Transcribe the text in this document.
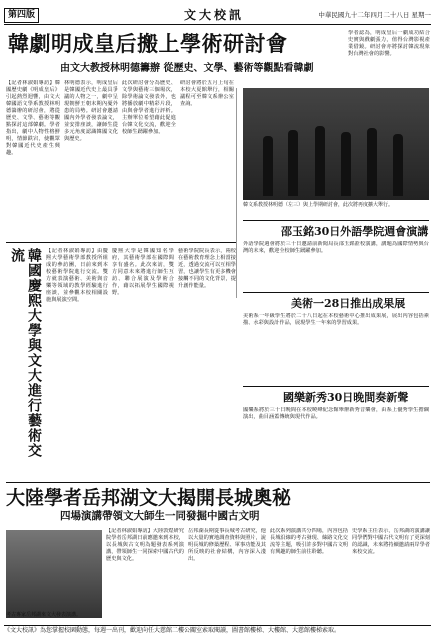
第四版	文大校訊	中華民國九十二年四月二十八日 星期一
韓劇明成皇后搬上學術研討會
由文大教授林明德籌辦 從歷史、文學、藝術等觀點看韓劇

【記者林淑娟專訪】韓國歷史劇《明成皇后》引起熱烈迴響，由文大韓國語文學系教授林明德籌辦的研討會，將從歷史、文學、藝術等觀點探討這部韓劇。學者指出，劇中人物性格鮮明，情節跌宕，使觀眾對韓國近代史產生興趣。

林明德表示，明成皇后是韓國近代史上最具爭議的人物之一，劇中呈現朝鮮王朝末期內憂外患的局勢。研討會邀請國內外學者發表論文，並安排座談，讓師生從多元角度認識韓國文化與歷史。

此次研討會分為歷史、文學與藝術三個場次，除學術論文發表外，也將播放劇中精彩片段，由與會學者進行評析。主辦單位希望藉此促進台韓文化交流，歡迎全校師生踴躍參加。

研討會將於五月上旬在本校大夏館舉行，相關議程可至韓文系辦公室查詢。

學者認為，明成皇后一劇成功結合史實與戲劇張力，值得台灣影視產業借鏡。研討會亦將探討韓流現象對台灣社會的影響。

韓文系教授林明德（左三）與上學期研討會，此次將再度擴大舉行。
韓國慶熙大學與文大進行藝術交流	【記者林淑娟專訪】由慶熙大學藝術學部教授所組成的參訪團，日前來到本校藝術學院進行交流。雙方就表演藝術、美術與音樂等領域的教學經驗進行座談，並參觀本校相關設施與展演空間。

慶熙大學是韓國知名學府，其藝術學部在國際間享有盛名。此次來訪，雙方同意未來將進行師生互訪、聯合展演及學術合作，藉以拓展學生國際視野。

藝術學院院長表示，兩校在藝術教育理念上相當接近，透過交流可以互相學習，也讓學生有更多機會接觸不同的文化背景，提升創作能量。

邵玉銘30日外語學院週會演講

外語學院週會將於三十日邀請前新聞局長邵玉銘蒞校演講，講題為國際情勢與台灣的未來，歡迎全校師生踴躍參加。

美術一28日推出成果展

美術系一年級學生將於二十八日起在本校藝術中心推出成果展，展出內容包括素描、水彩與設計作品，展現學生一年來的學習成果。

國樂新秀30日晚間奏新聲

國樂系將於三十日晚間在本校曉峰紀念館舉辦新秀音樂會，由系上優秀學生擔綱演出，曲目涵蓋傳統與現代作品。

大陸學者岳邦湖文大揭開長城奧秘
四場演講帶領文大師生一同發掘中國古文明
考古專家岳邦湖來文大發表演講。

【記者林淑娟專訪】大陸敦煌研究院學者岳邦湖日前應邀來到本校，以長城與古文明為題發表系列演講，帶領師生一同探索中國古代的歷史與文化。

岳邦湖長期從事長城考古研究，他以大量的實地調查資料與照片，說明長城的修築歷程、軍事功能及其所反映的社會結構，內容深入淺出。

此次系列演講共分四場，內容包括長城沿線的考古發現、絲路文化交流等主題，吸引許多對中國古文明有興趣的師生前往聆聽。

史學系主任表示，岳邦湖的演講讓同學們對中國古代文明有了更深刻的認識，未來將持續邀請兩岸學者來校交流。

《文大校訊》為您掌握校園動態，每週一出刊，歡迎向任大慈館二樓公關室索取閱讀，圖書館樓梯、大樓館、大慈館樓梯索取。
